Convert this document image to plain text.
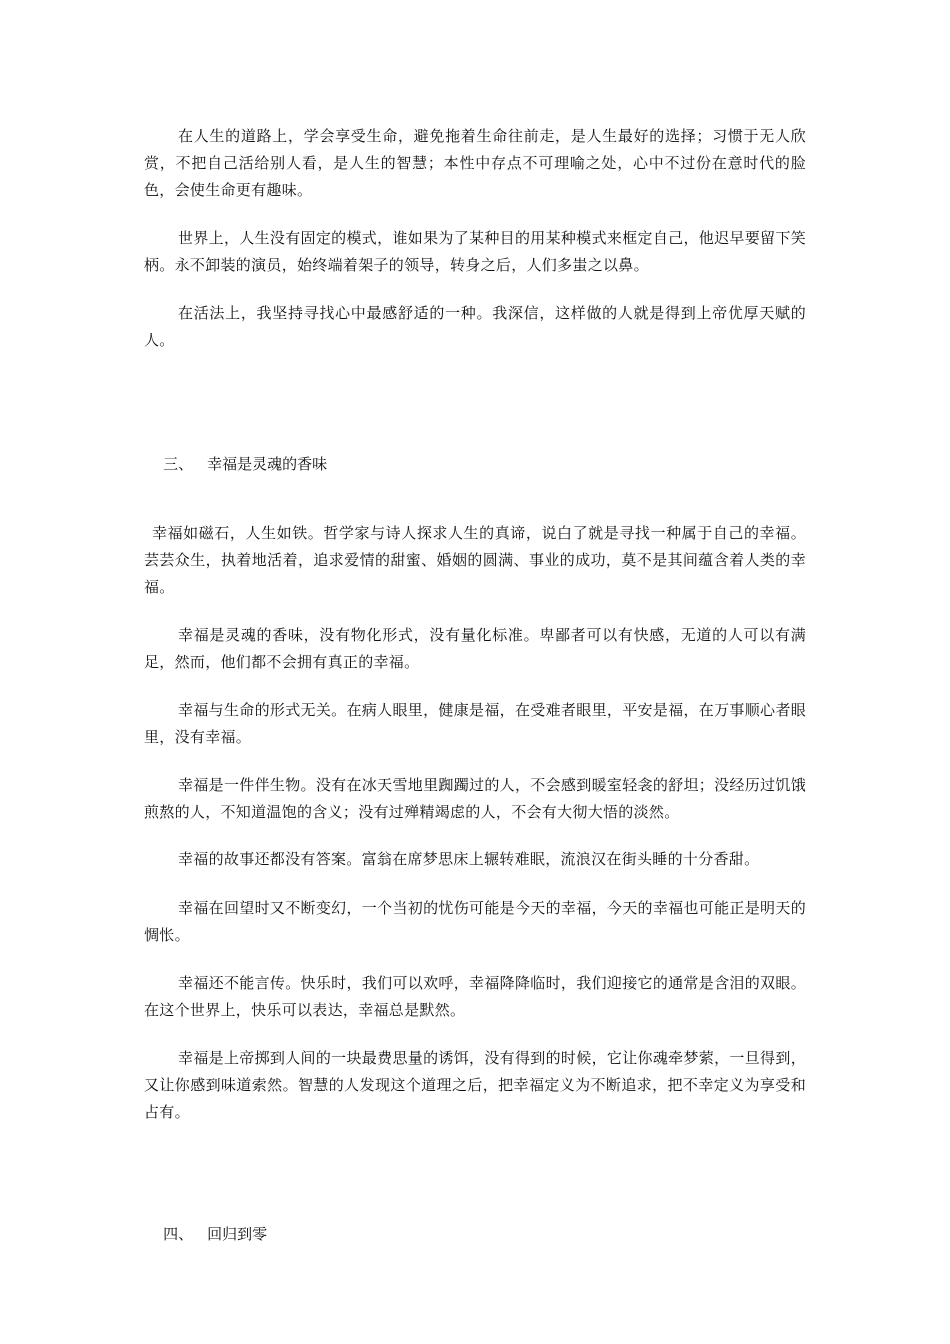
在人生的道路上，学会享受生命，避免拖着生命往前走，是人生最好的选择；习惯于无人欣赏，不把自己活给别人看，是人生的智慧；本性中存点不可理喻之处，心中不过份在意时代的脸色，会使生命更有趣味。

世界上，人生没有固定的模式，谁如果为了某种目的用某种模式来框定自己，他迟早要留下笑柄。永不卸装的演员，始终端着架子的领导，转身之后，人们多蚩之以鼻。

在活法上，我坚持寻找心中最感舒适的一种。我深信，这样做的人就是得到上帝优厚天赋的人。

三、 幸福是灵魂的香味

幸福如磁石，人生如铁。哲学家与诗人探求人生的真谛，说白了就是寻找一种属于自己的幸福。芸芸众生，执着地活着，追求爱情的甜蜜、婚姻的圆满、事业的成功，莫不是其间蕴含着人类的幸福。

幸福是灵魂的香味，没有物化形式，没有量化标准。卑鄙者可以有快感，无道的人可以有满足，然而，他们都不会拥有真正的幸福。

幸福与生命的形式无关。在病人眼里，健康是福，在受难者眼里，平安是福，在万事顺心者眼里，没有幸福。

幸福是一件伴生物。没有在冰天雪地里踟躅过的人，不会感到暖室轻衾的舒坦；没经历过饥饿煎熬的人，不知道温饱的含义；没有过殚精竭虑的人，不会有大彻大悟的淡然。

幸福的故事还都没有答案。富翁在席梦思床上辗转难眠，流浪汉在街头睡的十分香甜。

幸福在回望时又不断变幻，一个当初的忧伤可能是今天的幸福，今天的幸福也可能正是明天的惆怅。

幸福还不能言传。快乐时，我们可以欢呼，幸福降降临时，我们迎接它的通常是含泪的双眼。在这个世界上，快乐可以表达，幸福总是默然。

幸福是上帝掷到人间的一块最费思量的诱饵，没有得到的时候，它让你魂牵梦萦，一旦得到，又让你感到味道索然。智慧的人发现这个道理之后，把幸福定义为不断追求，把不幸定义为享受和占有。

四、 回归到零
